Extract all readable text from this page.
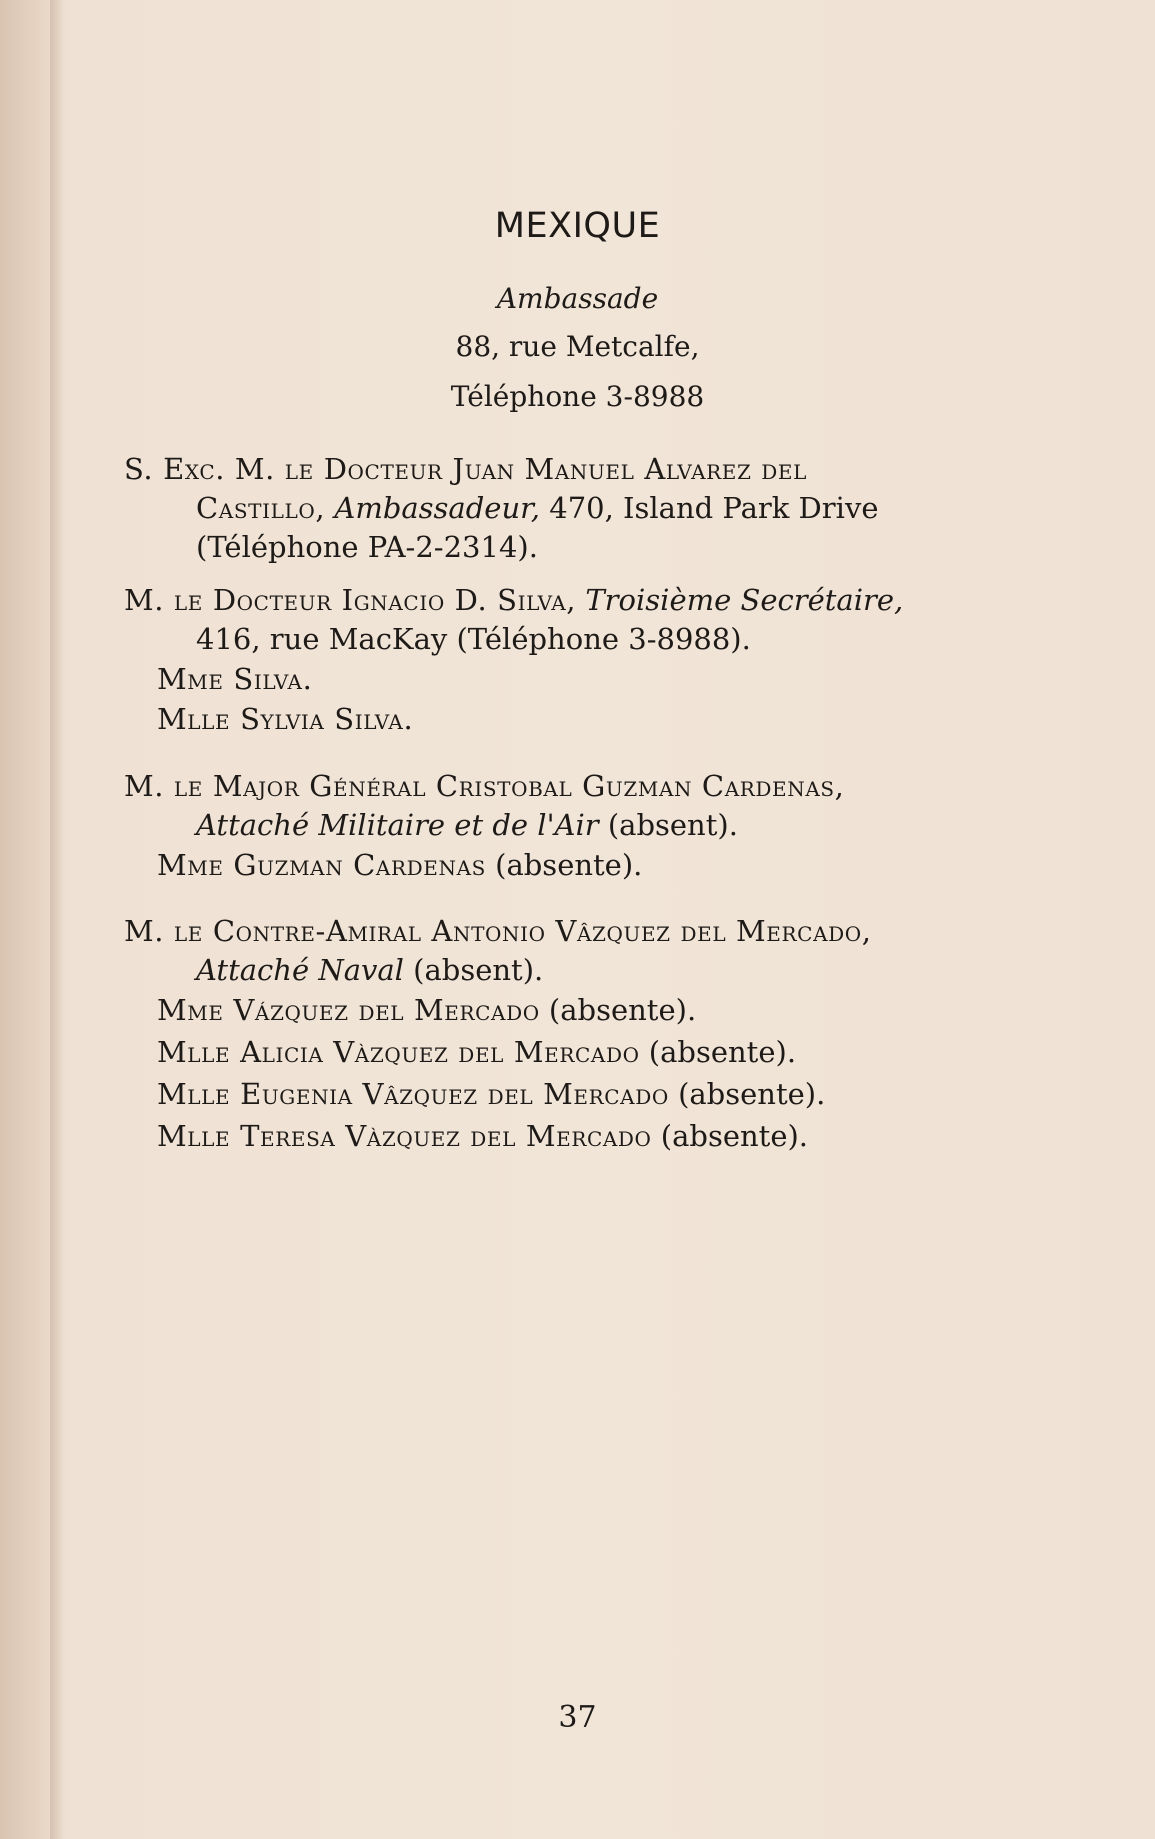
MEXIQUE
Ambassade
88, rue Metcalfe,
Téléphone 3-8988
S. Exc. M. le Docteur Juan Manuel Alvarez del
Castillo, Ambassadeur, 470, Island Park Drive
(Téléphone PA-2-2314).
M. le Docteur Ignacio D. Silva, Troisième Secrétaire,
416, rue MacKay (Téléphone 3-8988).
Mme Silva.
Mlle Sylvia Silva.
M. le Major Général Cristobal Guzman Cardenas,
Attaché Militaire et de l'Air (absent).
Mme Guzman Cardenas (absente).
M. le Contre-Amiral Antonio Vâzquez del Mercado,
Attaché Naval (absent).
Mme Vázquez del Mercado (absente).
Mlle Alicia Vàzquez del Mercado (absente).
Mlle Eugenia Vâzquez del Mercado (absente).
Mlle Teresa Vàzquez del Mercado (absente).
37
